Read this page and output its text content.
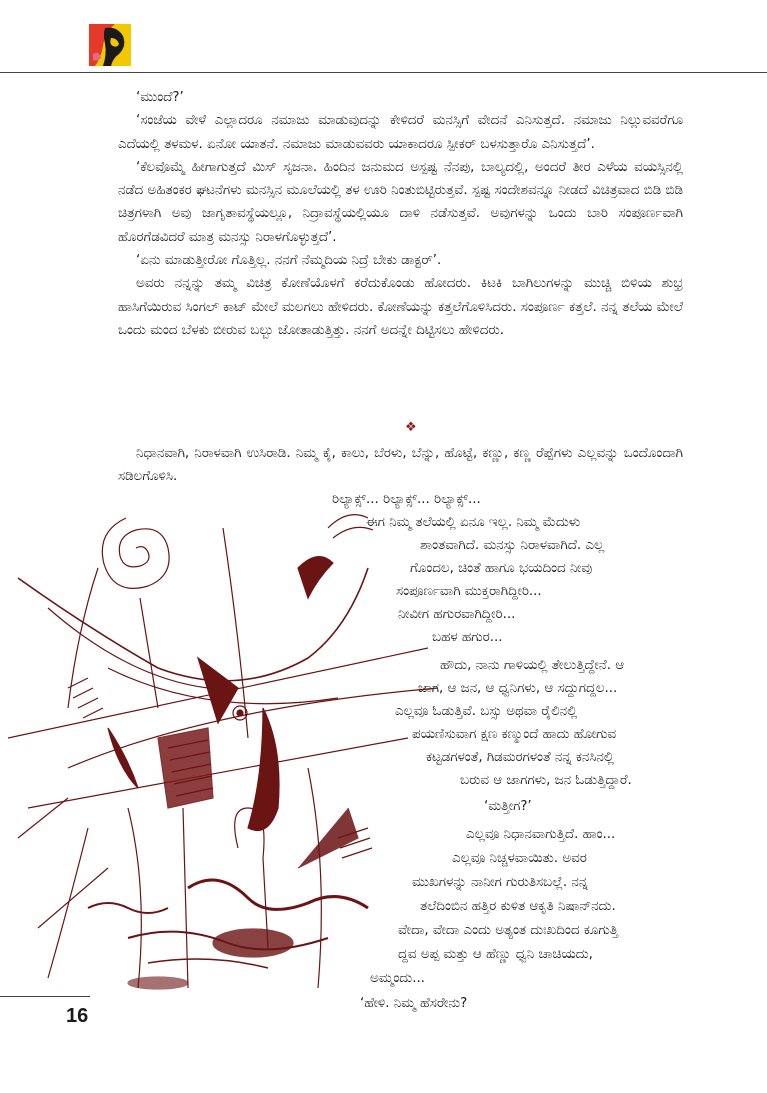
‘ಮುಂದೆ?’

‘ಸಂಜೆಯ ವೇಳೆ ಎಲ್ಲಾದರೂ ನಮಾಜು ಮಾಡುವುದನ್ನು ಕೇಳಿದರೆ ಮನಸ್ಸಿಗೆ ವೇದನೆ ಎನಿಸುತ್ತದೆ. ನಮಾಜು ನಿಲ್ಲುವವರೆಗೂ ಎದೆಯಲ್ಲಿ ತಳಮಳ. ಏನೋ ಯಾತನೆ. ನಮಾಜು ಮಾಡುವವರು ಯಾಕಾದರೂ ಸ್ಪೀಕರ್ ಬಳಸುತ್ತಾರೊ ಎನಿಸುತ್ತದೆ’.

‘ಕೆಲವೊಮ್ಮೆ ಹೀಗಾಗುತ್ತದೆ ಮಿಸ್ ಸೃಜನಾ. ಹಿಂದಿನ ಜನುಮದ ಅಸ್ಪಷ್ಟ ನೆನಪು, ಬಾಲ್ಯದಲ್ಲಿ, ಅಂದರೆ ತೀರ ಎಳೆಯ ವಯಸ್ಸಿನಲ್ಲಿ ನಡೆದ ಅಹಿತಂಕರ ಘಟನೆಗಳು ಮನಸ್ಸಿನ ಮೂಲೆಯಲ್ಲಿ ತಳ ಊರಿ ನಿಂತುಬಿಟ್ಟಿರುತ್ತವೆ. ಸ್ಪಷ್ಟ ಸಂದೇಶವನ್ನೂ ನೀಡದೆ ವಿಚಿತ್ರವಾದ ಬಿಡಿ ಬಿಡಿ ಚಿತ್ರಗಳಾಗಿ ಅವು ಜಾಗೃತಾವಸ್ಥೆಯಲ್ಲೂ, ನಿದ್ರಾವಸ್ಥೆಯಲ್ಲಿಯೂ ದಾಳಿ ನಡೆಸುತ್ತವೆ. ಅವುಗಳನ್ನು ಒಂದು ಬಾರಿ ಸಂಪೂರ್ಣವಾಗಿ ಹೊರಗೆಡವಿದರೆ ಮಾತ್ರ ಮನಸ್ಸು ನಿರಾಳಗೊಳ್ಳುತ್ತದೆ’.

‘ಏನು ಮಾಡುತ್ತೀರೋ ಗೊತ್ತಿಲ್ಲ. ನನಗೆ ನೆಮ್ಮದಿಯ ನಿದ್ರೆ ಬೇಕು ಡಾಕ್ಟರ್’.

ಅವರು ನನ್ನನ್ನು ತಮ್ಮ ವಿಚಿತ್ರ ಕೋಣೆಯೊಳಗೆ ಕರೆದುಕೊಂಡು ಹೋದರು. ಕಿಟಕಿ ಬಾಗಿಲುಗಳನ್ನು ಮುಚ್ಚಿ ಬಿಳಿಯ ಶುಭ್ರ ಹಾಸಿಗೆಯಿರುವ ಸಿಂಗಲ್ ಕಾಟ್ ಮೇಲೆ ಮಲಗಲು ಹೇಳಿದರು. ಕೋಣೆಯನ್ನು ಕತ್ತಲೆಗೊಳಿಸಿದರು. ಸಂಪೂರ್ಣ ಕತ್ತಲೆ. ನನ್ನ ತಲೆಯ ಮೇಲೆ ಒಂದು ಮಂದ ಬೆಳಕು ಬೀರುವ ಬಲ್ಬು ಜೋತಾಡುತ್ತಿತ್ತು. ನನಗೆ ಅದನ್ನೇ ದಿಟ್ಟಿಸಲು ಹೇಳಿದರು.

❖

ನಿಧಾನವಾಗಿ, ನಿರಾಳವಾಗಿ ಉಸಿರಾಡಿ. ನಿಮ್ಮ ಕೈ, ಕಾಲು, ಬೆರಳು, ಬೆನ್ನು, ಹೊಟ್ಟೆ, ಕಣ್ಣು, ಕಣ್ಣ ರೆಪ್ಪೆಗಳು ಎಲ್ಲವನ್ನು ಒಂದೊಂದಾಗಿ ಸಡಿಲಗೊಳಿಸಿ.

ರಿಲ್ಯಾಕ್ಸ್... ರಿಲ್ಯಾಕ್ಸ್... ರಿಲ್ಯಾಕ್ಸ್...
ಈಗ ನಿಮ್ಮ ತಲೆಯಲ್ಲಿ ಏನೂ ಇಲ್ಲ. ನಿಮ್ಮ ಮೆದುಳು
ಶಾಂತವಾಗಿದೆ. ಮನಸ್ಸು ನಿರಾಳವಾಗಿದೆ. ಎಲ್ಲ
ಗೊಂದಲ, ಚಿಂತೆ ಹಾಗೂ ಭಯದಿಂದ ನೀವು
ಸಂಪೂರ್ಣವಾಗಿ ಮುಕ್ತರಾಗಿದ್ದೀರಿ...
ನೀವೀಗ ಹಗುರವಾಗಿದ್ದೀರಿ...
ಬಹಳ ಹಗುರ...
ಹೌದು, ನಾನು ಗಾಳಿಯಲ್ಲಿ ತೇಲುತ್ತಿದ್ದೇನೆ. ಆ
ಜಾಗ, ಆ ಜನ, ಆ ಧ್ವನಿಗಳು, ಆ ಸದ್ದುಗದ್ದಲ...
ಎಲ್ಲವೂ ಓಡುತ್ತಿವೆ. ಬಸ್ಸು ಅಥವಾ ರೈಲಿನಲ್ಲಿ
ಪಯಣಿಸುವಾಗ ಕ್ಷಣ ಕಣ್ಮುಂದೆ ಹಾದು ಹೋಗುವ
ಕಟ್ಟಡಗಳಂತೆ, ಗಿಡಮರಗಳಂತೆ ನನ್ನ ಕನಸಿನಲ್ಲಿ
ಬರುವ ಆ ಜಾಗಗಳು, ಜನ ಓಡುತ್ತಿದ್ದಾರೆ.
‘ಮತ್ತೀಗ?’
ಎಲ್ಲವೂ ನಿಧಾನವಾಗುತ್ತಿದೆ. ಹಾಂ...
ಎಲ್ಲವೂ ನಿಚ್ಚಳವಾಯಿತು. ಅವರ
ಮುಖಗಳನ್ನು ನಾನೀಗ ಗುರುತಿಸಬಲ್ಲೆ. ನನ್ನ
ತಲೆದಿಂಬಿನ ಹತ್ತಿರ ಕುಳಿತ ಆಕೃತಿ ನಿಷಾನ್‌ನದು.
ವೇದಾ, ವೇದಾ ಎಂದು ಅತ್ಯಂತ ದುಃಖದಿಂದ ಕೂಗುತ್ತಿ
ದ್ದವ ಅಪ್ಪ ಮತ್ತು ಆ ಹೆಣ್ಣು ಧ್ವನಿ ಚಾಚಿಯದು,
ಅಮ್ಮಂದು...
‘ಹೇಳಿ. ನಿಮ್ಮ ಹೆಸರೇನು?
16
